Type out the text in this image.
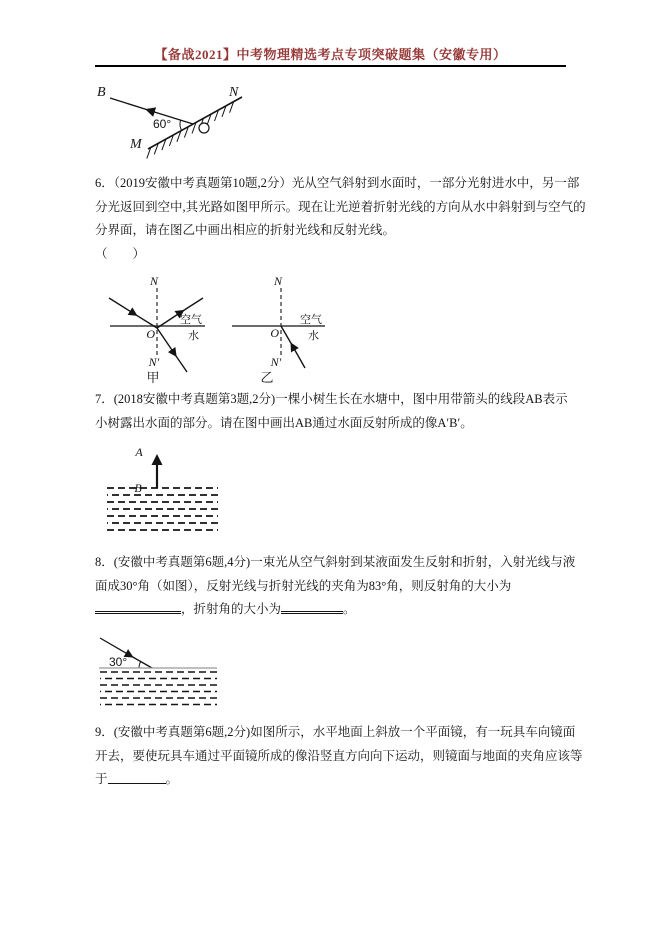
【备战2021】中考物理精选考点专项突破题集（安徽专用）
60°
B	N
M
6．（2019安徽中考真题第10题,2分）光从空气斜射到水面时，一部分光射进水中，另一部
分光返回到空中,其光路如图甲所示。现在让光逆着折射光线的方向从水中斜射到与空气的
分界面，请在图乙中画出相应的折射光线和反射光线。
（　　）
N
N′
O
空气
水
甲
N
N′
O
空气
水
乙
7．(2018安徽中考真题第3题,2分)一棵小树生长在水塘中，图中用带箭头的线段AB表示
小树露出水面的部分。请在图中画出AB通过水面反射所成的像A′B′。
A
B
8．(安徽中考真题第6题,4分)一束光从空气斜射到某液面发生反射和折射，入射光线与液
面成30°角（如图），反射光线与折射光线的夹角为83°角，则反射角的大小为
，折射角的大小为	。
30°
9．(安徽中考真题第6题,2分)如图所示，水平地面上斜放一个平面镜，有一玩具车向镜面
开去，要使玩具车通过平面镜所成的像沿竖直方向向下运动，则镜面与地面的夹角应该等
于	。
